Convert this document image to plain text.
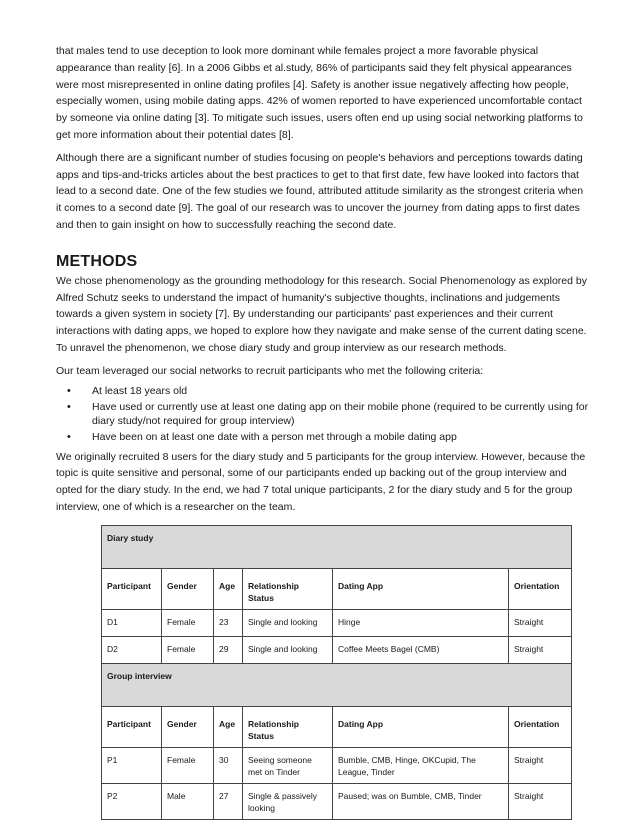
that males tend to use deception to look more dominant while females project a more favorable physical appearance than reality [6]. In a 2006 Gibbs et al.study, 86% of participants said they felt physical appearances were most misrepresented in online dating profiles [4]. Safety is another issue negatively affecting how people, especially women, using mobile dating apps. 42% of women reported to have experienced uncomfortable contact by someone via online dating [3]. To mitigate such issues, users often end up using social networking platforms to get more information about their potential dates [8].

Although there are a significant number of studies focusing on people's behaviors and perceptions towards dating apps and tips-and-tricks articles about the best practices to get to that first date, few have looked into factors that lead to a second date. One of the few studies we found, attributed attitude similarity as the strongest criteria when it comes to a second date [9]. The goal of our research was to uncover the journey from dating apps to first dates and then to gain insight on how to successfully reaching the second date.

METHODS

We chose phenomenology as the grounding methodology for this research. Social Phenomenology as explored by Alfred Schutz seeks to understand the impact of humanity's subjective thoughts, inclinations and judgements towards a given system in society [7]. By understanding our participants' past experiences and their current interactions with dating apps, we hoped to explore how they navigate and make sense of the current dating scene. To unravel the phenomenon, we chose diary study and group interview as our research methods.

Our team leveraged our social networks to recruit participants who met the following criteria:

• At least 18 years old
• Have used or currently use at least one dating app on their mobile phone (required to be currently using for diary study/not required for group interview)
• Have been on at least one date with a person met through a mobile dating app

We originally recruited 8 users for the diary study and 5 participants for the group interview. However, because the topic is quite sensitive and personal, some of our participants ended up backing out of the group interview and opted for the diary study. In the end, we had 7 total unique participants, 2 for the diary study and 5 for the group interview, one of which is a researcher on the team.

Diary study					
Participant	Gender	Age	Relationship Status	Dating App	Orientation
D1	Female	23	Single and looking	Hinge	Straight
D2	Female	29	Single and looking	Coffee Meets Bagel (CMB)	Straight
Group interview					
Participant	Gender	Age	Relationship Status	Dating App	Orientation
P1	Female	30	Seeing someone met on Tinder	Bumble, CMB, Hinge, OKCupid, The League, Tinder	Straight
P2	Male	27	Single & passively looking	Paused; was on Bumble, CMB, Tinder	Straight
